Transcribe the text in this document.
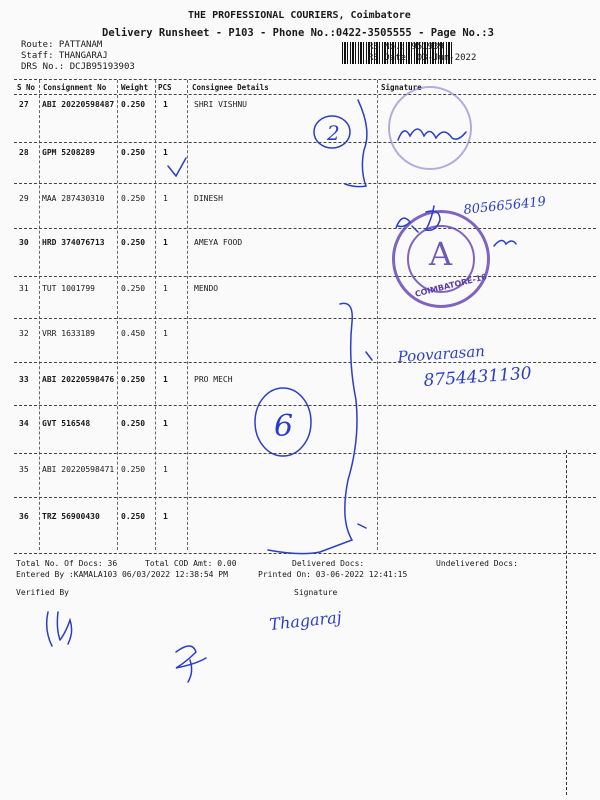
THE PROFESSIONAL COURIERS, Coimbatore
Delivery Runsheet - P103 - Phone No.:0422-3505555 - Page No.:3
Route: PATTANAM
Staff: THANGARAJ
DRS No.: DCJB95193903
RS No.: 951939
RS Date: 03-Jun-2022
S No Consignment No Weight PCS	Consignee Details	Signature
27 ABI 20220598487 0.250 1	SHRI VISHNU
28 GPM 5208289	0.250 1
29 MAA 287430310 0.250 1	DINESH
30 HRD 374076713 0.250 1	AMEYA FOOD
31 TUT 1001799	0.250 1	MENDO
32 VRR 1633189	0.450 1
33 ABI 20220598476 0.250 1	PRO MECH
34 GVT 516548	0.250 1
35 ABI 20220598471 0.250 1
36 TRZ 56900430	0.250 1
Total No. Of Docs: 36	Total COD Amt: 0.00	Delivered Docs:	Undelivered Docs:
Entered By :KAMALA103 06/03/2022 12:38:54 PM	Printed On: 03-06-2022 12:41:15
Verified By	Signature
A
COIMBATORE-16
2
6
8056656419
Poovarasan
8754431130
Thagaraj
